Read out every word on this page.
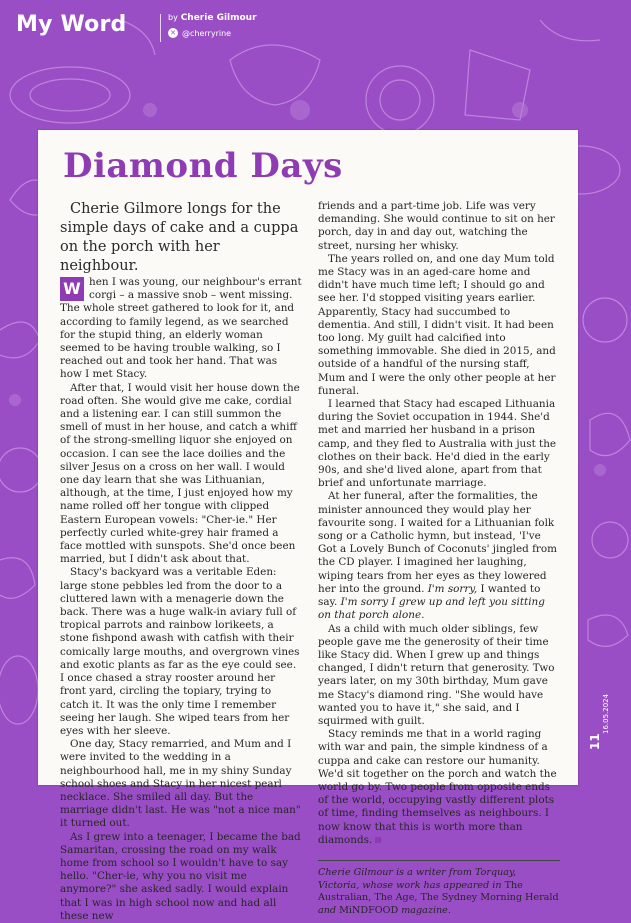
My Word	by Cherie Gilmour
✕ @cherryrine
Diamond Days

Cherie Gilmore longs for the simple days of cake and a cuppa on the porch with her neighbour.

W hen I was young, our neighbour's errant corgi – a massive snob – went missing. The whole street gathered to look for it, and according to family legend, as we searched for the stupid thing, an elderly woman seemed to be having trouble walking, so I reached out and took her hand. That was how I met Stacy.

After that, I would visit her house down the road often. She would give me cake, cordial and a listening ear. I can still summon the smell of must in her house, and catch a whiff of the strong-smelling liquor she enjoyed on occasion. I can see the lace doilies and the silver Jesus on a cross on her wall. I would one day learn that she was Lithuanian, although, at the time, I just enjoyed how my name rolled off her tongue with clipped Eastern European vowels: "Cher-ie." Her perfectly curled white-grey hair framed a face mottled with sunspots. She'd once been married, but I didn't ask about that.

Stacy's backyard was a veritable Eden: large stone pebbles led from the door to a cluttered lawn with a menagerie down the back. There was a huge walk-in aviary full of tropical parrots and rainbow lorikeets, a stone fishpond awash with catfish with their comically large mouths, and overgrown vines and exotic plants as far as the eye could see. I once chased a stray rooster around her front yard, circling the topiary, trying to catch it. It was the only time I remember seeing her laugh. She wiped tears from her eyes with her sleeve.

One day, Stacy remarried, and Mum and I were invited to the wedding in a neighbourhood hall, me in my shiny Sunday school shoes and Stacy in her nicest pearl necklace. She smiled all day. But the marriage didn't last. He was "not a nice man" it turned out.

As I grew into a teenager, I became the bad Samaritan, crossing the road on my walk home from school so I wouldn't have to say hello. "Cher-ie, why you no visit me anymore?" she asked sadly. I would explain that I was in high school now and had all these new

friends and a part-time job. Life was very demanding. She would continue to sit on her porch, day in and day out, watching the street, nursing her whisky.

The years rolled on, and one day Mum told me Stacy was in an aged-care home and didn't have much time left; I should go and see her. I'd stopped visiting years earlier. Apparently, Stacy had succumbed to dementia. And still, I didn't visit. It had been too long. My guilt had calcified into something immovable. She died in 2015, and outside of a handful of the nursing staff, Mum and I were the only other people at her funeral.

I learned that Stacy had escaped Lithuania during the Soviet occupation in 1944. She'd met and married her husband in a prison camp, and they fled to Australia with just the clothes on their back. He'd died in the early 90s, and she'd lived alone, apart from that brief and unfortunate marriage.

At her funeral, after the formalities, the minister announced they would play her favourite song. I waited for a Lithuanian folk song or a Catholic hymn, but instead, 'I've Got a Lovely Bunch of Coconuts' jingled from the CD player. I imagined her laughing, wiping tears from her eyes as they lowered her into the ground. I'm sorry, I wanted to say. I'm sorry I grew up and left you sitting on that porch alone.

As a child with much older siblings, few people gave me the generosity of their time like Stacy did. When I grew up and things changed, I didn't return that generosity. Two years later, on my 30th birthday, Mum gave me Stacy's diamond ring. "She would have wanted you to have it," she said, and I squirmed with guilt.

Stacy reminds me that in a world raging with war and pain, the simple kindness of a cuppa and cake can restore our humanity. We'd sit together on the porch and watch the world go by. Two people from opposite ends of the world, occupying vastly different plots of time, finding themselves as neighbours. I now know that this is worth more than diamonds.

Cherie Gilmour is a writer from Torquay, Victoria, whose work has appeared in The Australian, The Age, The Sydney Morning Herald and MiNDFOOD magazine.

11
16.05.2024
